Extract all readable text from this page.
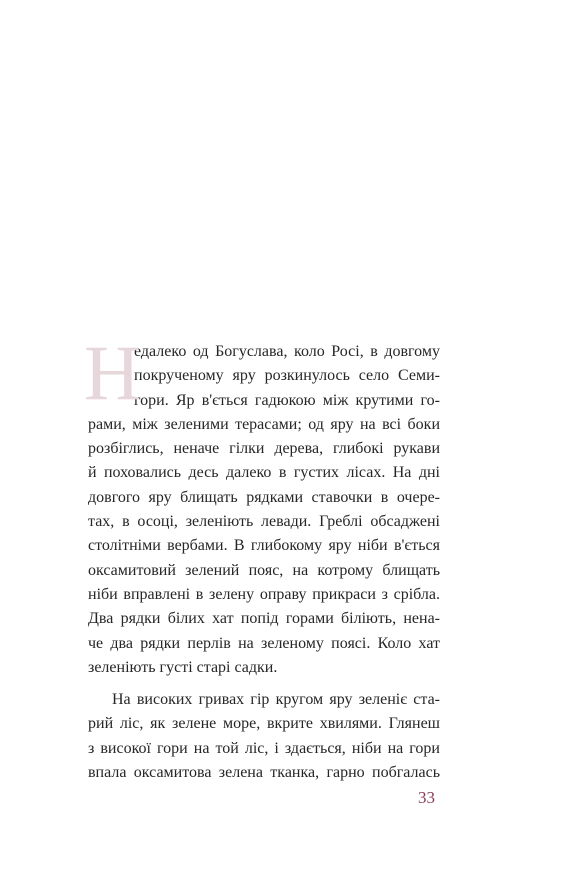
Н
едалеко од Богуслава, коло Росі, в довгому
покрученому яру розкинулось село Семи-
гори. Яр в'ється гадюкою між крутими го-
рами, між зеленими терасами; од яру на всі боки
розбіглись, неначе гілки дерева, глибокі рукави
й поховались десь далеко в густих лісах. На дні
довгого яру блищать рядками ставочки в очере-
тах, в осоці, зеленіють левади. Греблі обсаджені
столітніми вербами. В глибокому яру ніби в'ється
оксамитовий зелений пояс, на котрому блищать
ніби вправлені в зелену оправу прикраси з срібла.
Два рядки білих хат попід горами біліють, нена-
че два рядки перлів на зеленому поясі. Коло хат
зеленіють густі старі садки.
На високих гривах гір кругом яру зеленіє ста-
рий ліс, як зелене море, вкрите хвилями. Глянеш
з високої гори на той ліс, і здається, ніби на гори
впала оксамитова зелена тканка, гарно побгалась
33
